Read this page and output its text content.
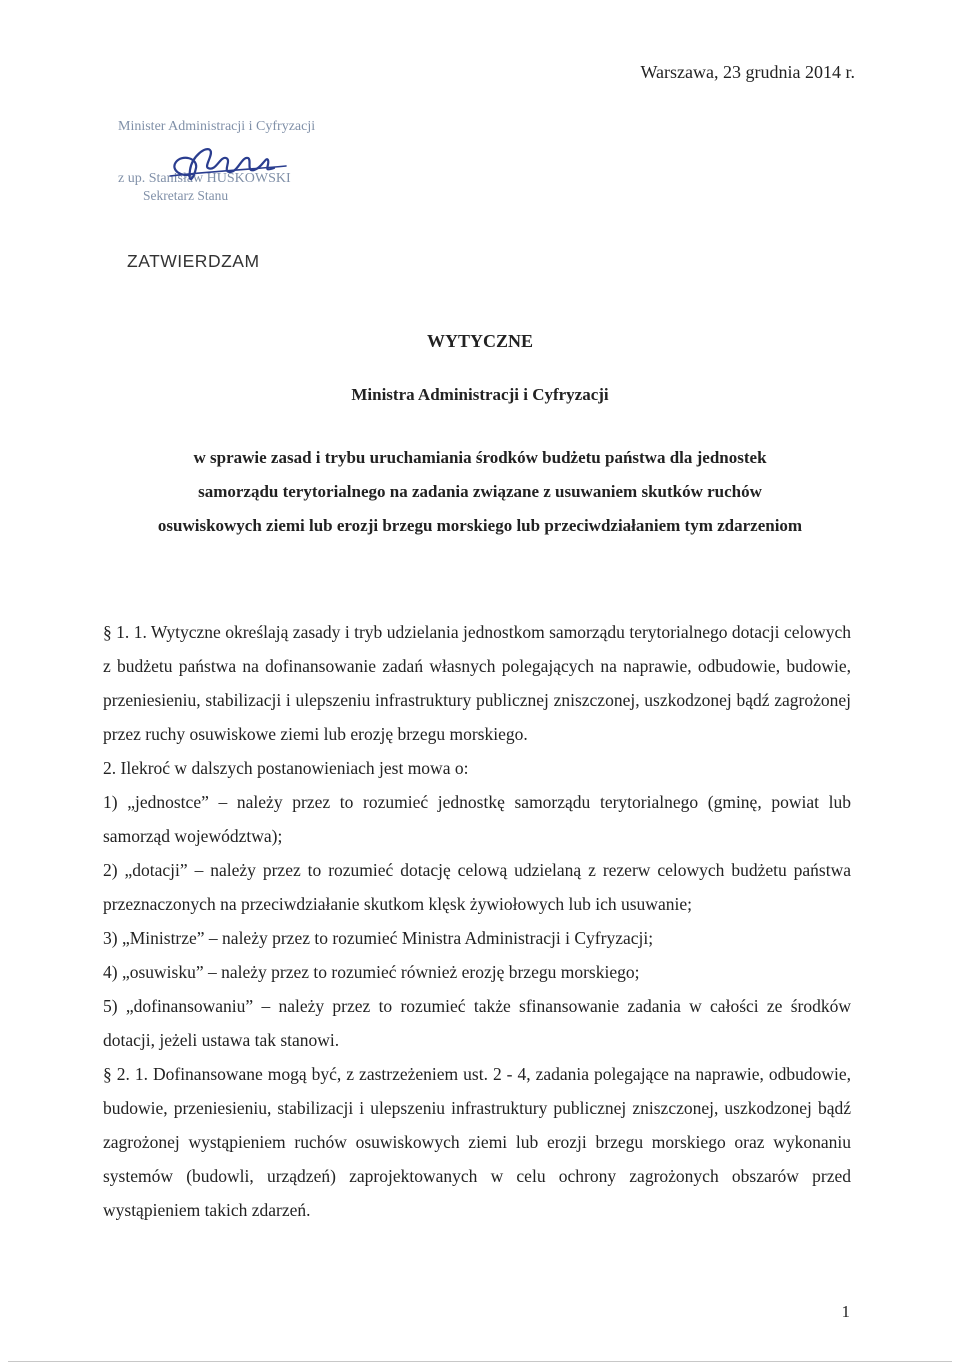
Warszawa, 23 grudnia 2014 r.
Minister Administracji i Cyfryzacji
z up. Stanisław HUSKOWSKI
Sekretarz Stanu
ZATWIERDZAM
WYTYCZNE
Ministra Administracji i Cyfryzacji
w sprawie zasad i trybu uruchamiania środków budżetu państwa dla jednostek
samorządu terytorialnego na zadania związane z usuwaniem skutków ruchów
osuwiskowych ziemi lub erozji brzegu morskiego lub przeciwdziałaniem tym zdarzeniom

§ 1. 1. Wytyczne określają zasady i tryb udzielania jednostkom samorządu terytorialnego dotacji celowych z budżetu państwa na dofinansowanie zadań własnych polegających na naprawie, odbudowie, budowie, przeniesieniu, stabilizacji i ulepszeniu infrastruktury publicznej zniszczonej, uszkodzonej bądź zagrożonej przez ruchy osuwiskowe ziemi lub erozję brzegu morskiego.

2. Ilekroć w dalszych postanowieniach jest mowa o:

1) „jednostce” – należy przez to rozumieć jednostkę samorządu terytorialnego (gminę, powiat lub samorząd województwa);

2) „dotacji” – należy przez to rozumieć dotację celową udzielaną z rezerw celowych budżetu państwa przeznaczonych na przeciwdziałanie skutkom klęsk żywiołowych lub ich usuwanie;

3) „Ministrze” – należy przez to rozumieć Ministra Administracji i Cyfryzacji;

4) „osuwisku” – należy przez to rozumieć również erozję brzegu morskiego;

5) „dofinansowaniu” – należy przez to rozumieć także sfinansowanie zadania w całości ze środków dotacji, jeżeli ustawa tak stanowi.

§ 2. 1. Dofinansowane mogą być, z zastrzeżeniem ust. 2 - 4, zadania polegające na naprawie, odbudowie, budowie, przeniesieniu, stabilizacji i ulepszeniu infrastruktury publicznej zniszczonej, uszkodzonej bądź zagrożonej wystąpieniem ruchów osuwiskowych ziemi lub erozji brzegu morskiego oraz wykonaniu systemów (budowli, urządzeń) zaprojektowanych w celu ochrony zagrożonych obszarów przed wystąpieniem takich zdarzeń.

1
